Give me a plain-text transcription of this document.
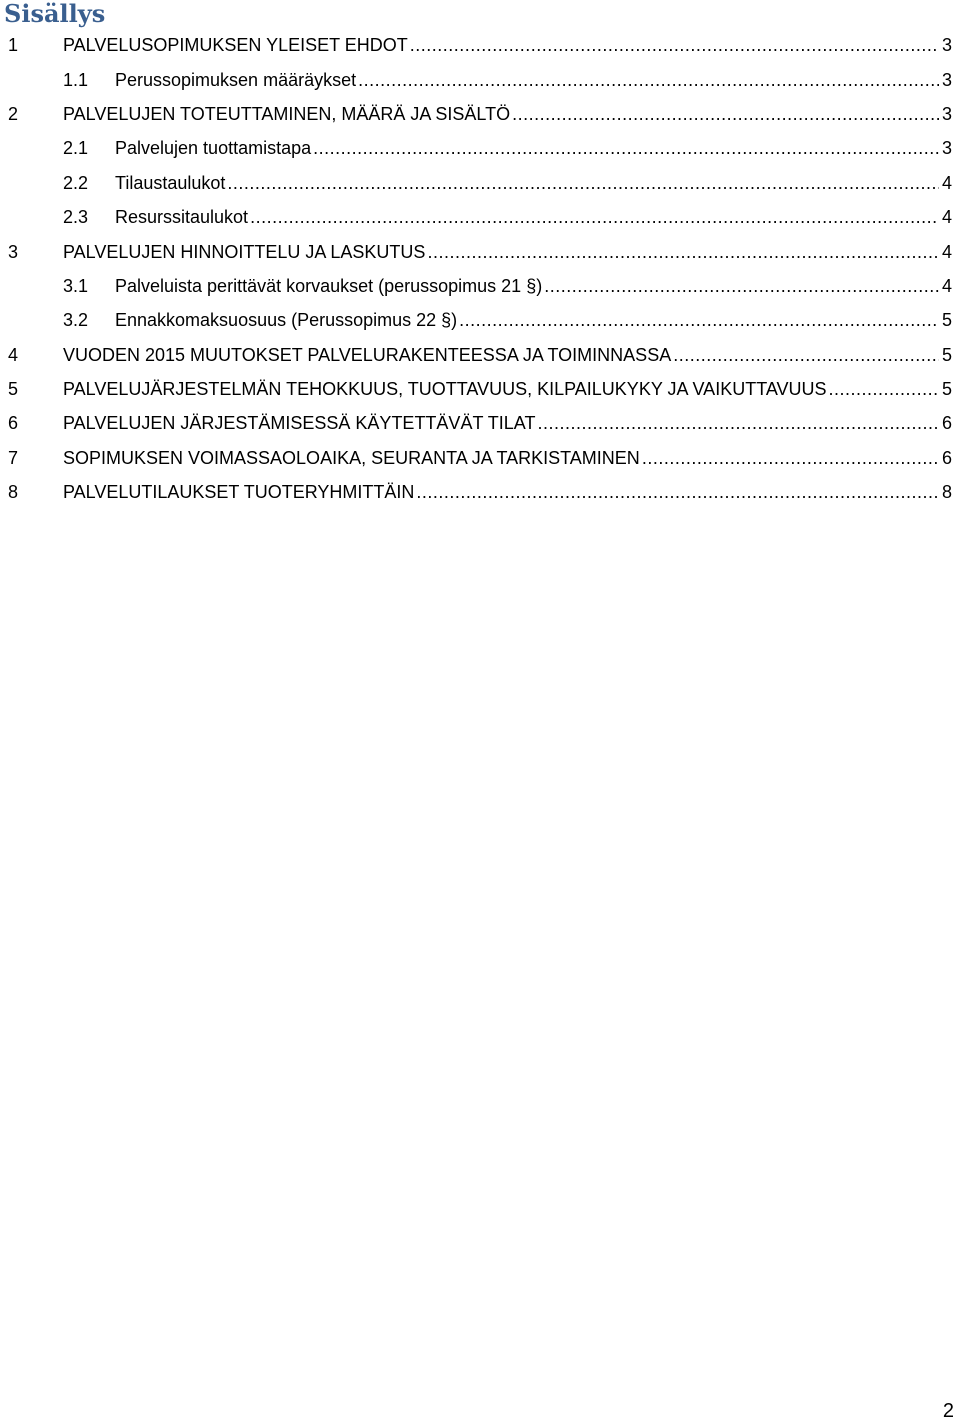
Sisällys
1 PALVELUSOPIMUKSEN YLEISET EHDOT .....	3
1.1 Perussopimuksen määräykset .....	3
2 PALVELUJEN TOTEUTTAMINEN, MÄÄRÄ JA SISÄLTÖ .....	3
2.1 Palvelujen tuottamistapa .....	3
2.2 Tilaustaulukot .....	4
2.3 Resurssitaulukot .....	4
3 PALVELUJEN HINNOITTELU JA LASKUTUS .....	4
3.1 Palveluista perittävät korvaukset (perussopimus 21 §) .....	4
3.2 Ennakkomaksuosuus (Perussopimus 22 §) .....	5
4 VUODEN 2015 MUUTOKSET PALVELURAKENTEESSA JA TOIMINNASSA .....	5
5 PALVELUJÄRJESTELMÄN TEHOKKUUS, TUOTTAVUUS, KILPAILUKYKY JA VAIKUTTAVUUS .....	5
6 PALVELUJEN JÄRJESTÄMISESSÄ KÄYTETTÄVÄT TILAT .....	6
7 SOPIMUKSEN VOIMASSAOLOAIKA, SEURANTA JA TARKISTAMINEN .....	6
8 PALVELUTILAUKSET TUOTERYHMITTÄIN .....	8
2
